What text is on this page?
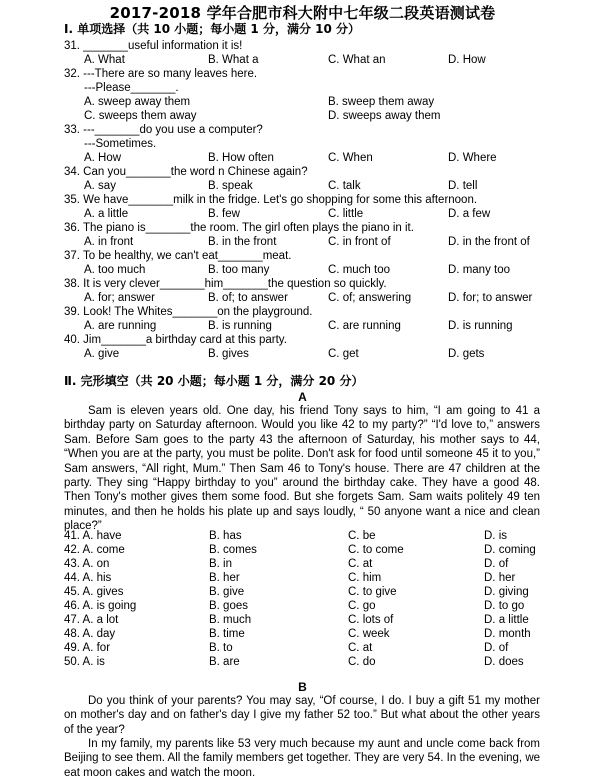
2017-2018 学年合肥市科大附中七年级二段英语测试卷
Ⅰ. 单项选择（共 10 小题；每小题 1 分，满分 10 分）
31. _______useful information it is!
A. What	B. What a	C. What an	D. How
32. ---There are so many leaves here.
---Please_______.
A. sweep away them	B. sweep them away
C. sweeps them away	D. sweeps away them
33. ---_______do you use a computer?
---Sometimes.
A. How	B. How often	C. When	D. Where
34. Can you_______the word n Chinese again?
A. say	B. speak	C. talk	D. tell
35. We have_______milk in the fridge. Let's go shopping for some this afternoon.
A. a little	B. few	C. little	D. a few
36. The piano is_______the room. The girl often plays the piano in it.
A. in front	B. in the front	C. in front of	D. in the front of
37. To be healthy, we can't eat_______meat.
A. too much	B. too many	C. much too	D. many too
38. It is very clever_______him_______the question so quickly.
A. for; answer	B. of; to answer	C. of; answering	D. for; to answer
39. Look! The Whites_______on the playground.
A. are running	B. is running	C. are running	D. is running
40. Jim_______a birthday card at this party.
A. give	B. gives	C. get	D. gets
Ⅱ. 完形填空（共 20 小题；每小题 1 分，满分 20 分）
A
Sam is eleven years old. One day, his friend Tony says to him, “I am going to 41 a birthday party on Saturday afternoon. Would you like 42 to my party?” “I'd love to,” answers Sam. Before Sam goes to the party 43 the afternoon of Saturday, his mother says to 44, “When you are at the party, you must be polite. Don't ask for food until someone 45 it to you,” Sam answers, “All right, Mum.” Then Sam 46 to Tony's house. There are 47 children at the party. They sing “Happy birthday to you” around the birthday cake. They have a good 48. Then Tony's mother gives them some food. But she forgets Sam. Sam waits politely 49 ten minutes, and then he holds his plate up and says loudly, “ 50 anyone want a nice and clean place?”
41. A. have	B. has	C. be	D. is
42. A. come	B. comes	C. to come	D. coming
43. A. on	B. in	C. at	D. of
44. A. his	B. her	C. him	D. her
45. A. gives	B. give	C. to give	D. giving
46. A. is going	B. goes	C. go	D. to go
47. A. a lot	B. much	C. lots of	D. a little
48. A. day	B. time	C. week	D. month
49. A. for	B. to	C. at	D. of
50. A. is	B. are	C. do	D. does
B
Do you think of your parents? You may say, “Of course, I do. I buy a gift 51 my mother on mother's day and on father's day I give my father 52 too.” But what about the other years of the year?
In my family, my parents like 53 very much because my aunt and uncle come back from Beijing to see them. All the family members get together. They are very 54. In the evening, we eat moon cakes and watch the moon.
